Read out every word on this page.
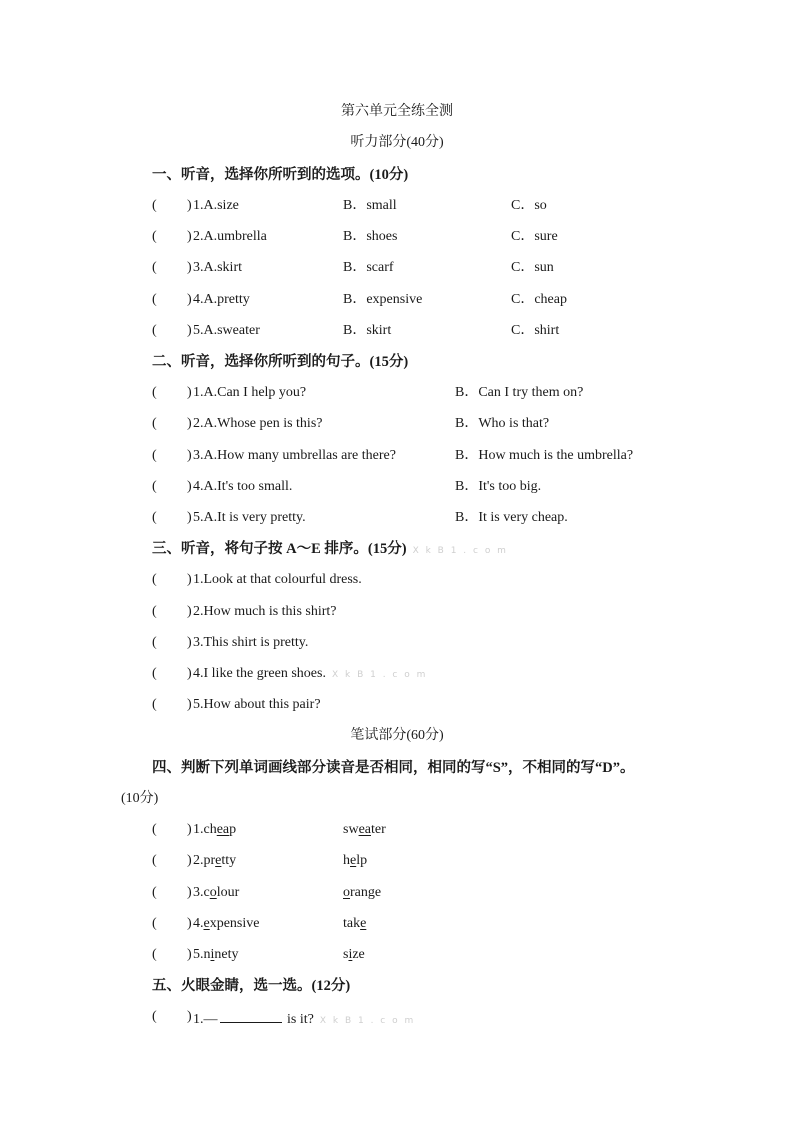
第六单元全练全测
听力部分(40分)
一、听音，选择你所听到的选项。(10分)
( ) 1.A.size	B．small	C．so
( ) 2.A.umbrella	B．shoes	C．sure
( ) 3.A.skirt	B．scarf	C．sun
( ) 4.A.pretty	B．expensive	C．cheap
( ) 5.A.sweater	B．skirt	C．shirt
二、听音，选择你所听到的句子。(15分)
( ) 1.A.Can I help you?	B．Can I try them on?
( ) 2.A.Whose pen is this?	B．Who is that?
( ) 3.A.How many umbrellas are there?	B．How much is the umbrella?
( ) 4.A.It's too small.	B．It's too big.
( ) 5.A.It is very pretty.	B．It is very cheap.
三、听音，将句子按 A～E 排序。(15分) X k B 1 . c o m
( ) 1.Look at that colourful dress.
( ) 2.How much is this shirt?
( ) 3.This shirt is pretty.
( ) 4.I like the green shoes. X k B 1 . c o m
( ) 5.How about this pair?
笔试部分(60分)
四、判断下列单词画线部分读音是否相同，相同的写“S”，不相同的写“D”。
(10分)
( ) 1.cheap	sweater
( ) 2.pretty	help
( ) 3.colour	orange
( ) 4.expensive	take
( ) 5.ninety	size
五、火眼金睛，选一选。(12分)
( ) 1.—	is it? X k B 1 . c o m
